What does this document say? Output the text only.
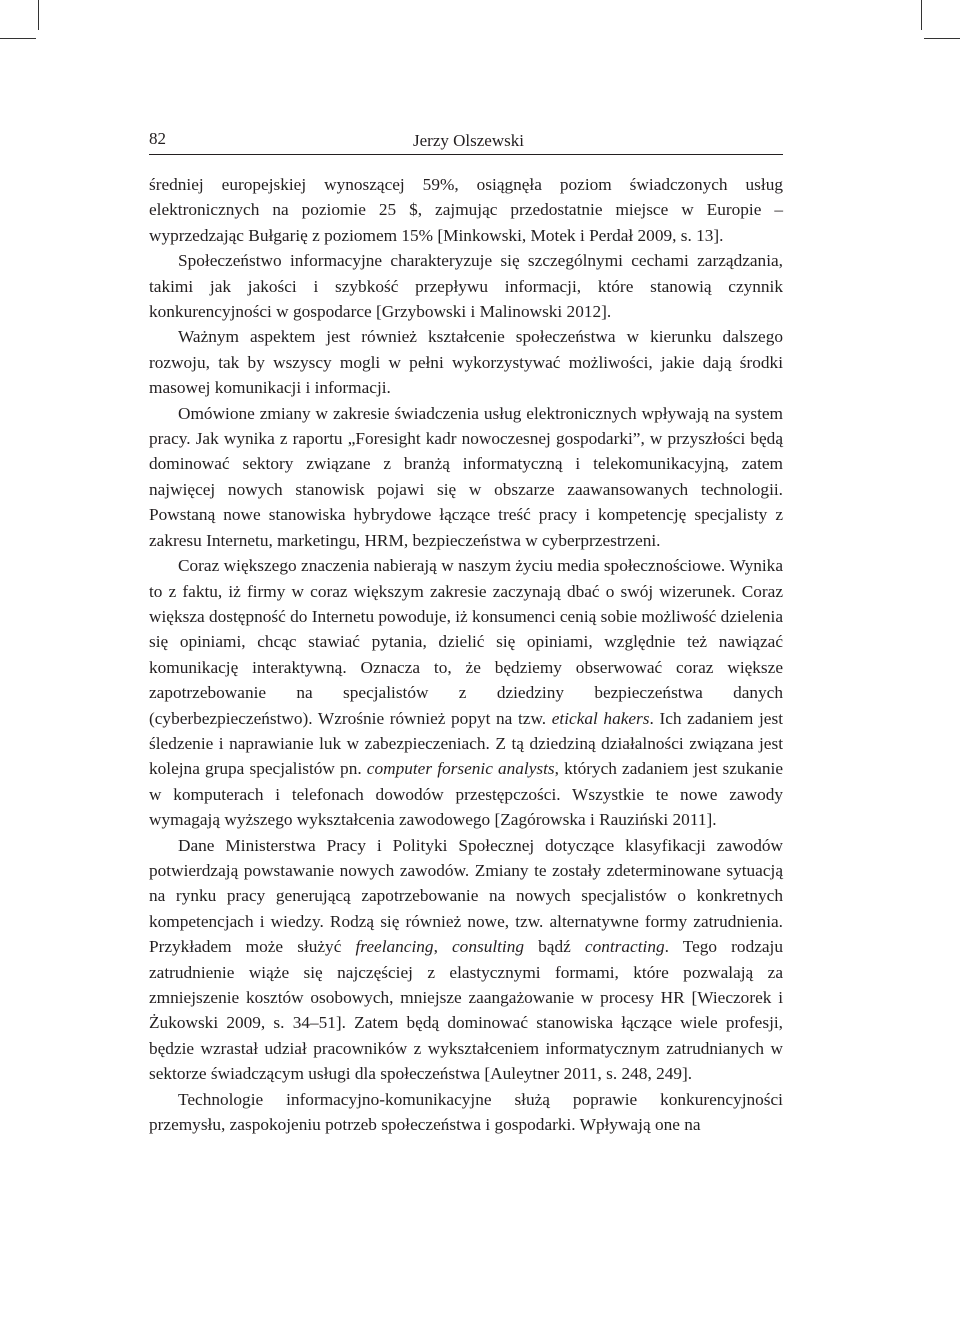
82	Jerzy Olszewski

średniej europejskiej wynoszącej 59%, osiągnęła poziom świadczonych usług elektronicznych na poziomie 25 $, zajmując przedostatnie miejsce w Europie – wyprzedzając Bułgarię z poziomem 15% [Minkowski, Motek i Perdał 2009, s. 13].

Społeczeństwo informacyjne charakteryzuje się szczególnymi cechami zarządzania, takimi jak jakości i szybkość przepływu informacji, które stanowią czynnik konkurencyjności w gospodarce [Grzybowski i Malinowski 2012].

Ważnym aspektem jest również kształcenie społeczeństwa w kierunku dalszego rozwoju, tak by wszyscy mogli w pełni wykorzystywać możliwości, jakie dają środki masowej komunikacji i informacji.

Omówione zmiany w zakresie świadczenia usług elektronicznych wpływają na system pracy. Jak wynika z raportu „Foresight kadr nowoczesnej gospodarki”, w przyszłości będą dominować sektory związane z branżą informatyczną i telekomunikacyjną, zatem najwięcej nowych stanowisk pojawi się w obszarze zaawansowanych technologii. Powstaną nowe stanowiska hybrydowe łączące treść pracy i kompetencję specjalisty z zakresu Internetu, marketingu, HRM, bezpieczeństwa w cyberprzestrzeni.

Coraz większego znaczenia nabierają w naszym życiu media społecznościowe. Wynika to z faktu, iż firmy w coraz większym zakresie zaczynają dbać o swój wizerunek. Coraz większa dostępność do Internetu powoduje, iż konsumenci cenią sobie możliwość dzielenia się opiniami, chcąc stawiać pytania, dzielić się opiniami, względnie też nawiązać komunikację interaktywną. Oznacza to, że będziemy obserwować coraz większe zapotrzebowanie na specjalistów z dziedziny bezpieczeństwa danych (cyberbezpieczeństwo). Wzrośnie również popyt na tzw. etickal hakers. Ich zadaniem jest śledzenie i naprawianie luk w zabezpieczeniach. Z tą dziedziną działalności związana jest kolejna grupa specjalistów pn. computer forsenic analysts, których zadaniem jest szukanie w komputerach i telefonach dowodów przestępczości. Wszystkie te nowe zawody wymagają wyższego wykształcenia zawodowego [Zagórowska i Rauziński 2011].

Dane Ministerstwa Pracy i Polityki Społecznej dotyczące klasyfikacji zawodów potwierdzają powstawanie nowych zawodów. Zmiany te zostały zdeterminowane sytuacją na rynku pracy generującą zapotrzebowanie na nowych specjalistów o konkretnych kompetencjach i wiedzy. Rodzą się również nowe, tzw. alternatywne formy zatrudnienia. Przykładem może służyć freelancing, consulting bądź contracting. Tego rodzaju zatrudnienie wiąże się najczęściej z elastycznymi formami, które pozwalają za zmniejszenie kosztów osobowych, mniejsze zaangażowanie w procesy HR [Wieczorek i Żukowski 2009, s. 34–51]. Zatem będą dominować stanowiska łączące wiele profesji, będzie wzrastał udział pracowników z wykształceniem informatycznym zatrudnianych w sektorze świadczącym usługi dla społeczeństwa [Auleytner 2011, s. 248, 249].

Technologie informacyjno-komunikacyjne służą poprawie konkurencyjności przemysłu, zaspokojeniu potrzeb społeczeństwa i gospodarki. Wpływają one na
